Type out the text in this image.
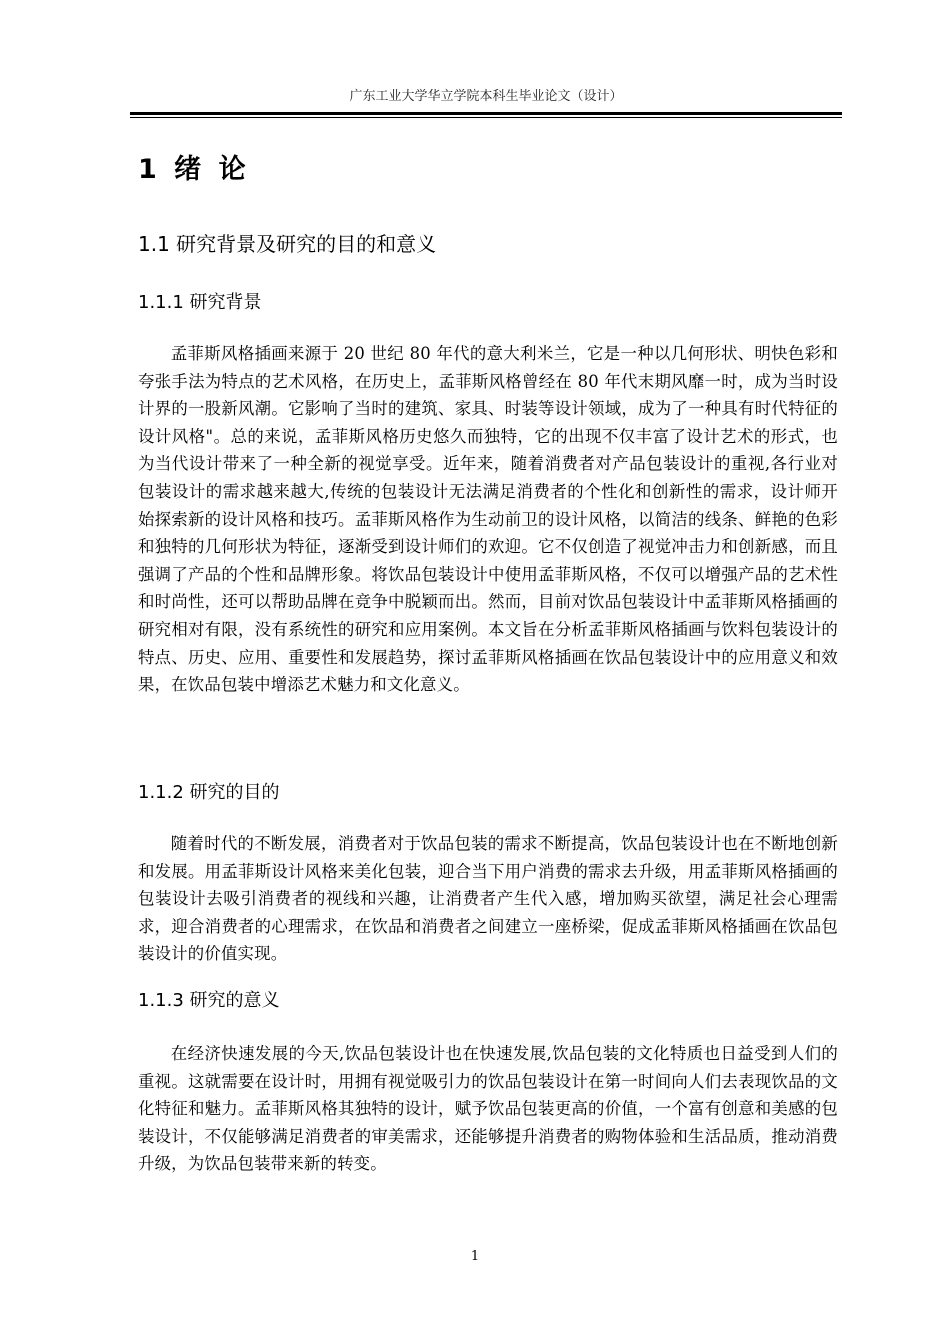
广东工业大学华立学院本科生毕业论文（设计）
1 绪 论
1.1 研究背景及研究的目的和意义
1.1.1 研究背景

孟菲斯风格插画来源于 20 世纪 80 年代的意大利米兰，它是一种以几何形状、明快色彩和夸张手法为特点的艺术风格，在历史上，孟菲斯风格曾经在 80 年代末期风靡一时，成为当时设计界的一股新风潮。它影响了当时的建筑、家具、时装等设计领域，成为了一种具有时代特征的设计风格"。总的来说，孟菲斯风格历史悠久而独特，它的出现不仅丰富了设计艺术的形式，也为当代设计带来了一种全新的视觉享受。近年来，随着消费者对产品包装设计的重视,各行业对包装设计的需求越来越大,传统的包装设计无法满足消费者的个性化和创新性的需求，设计师开始探索新的设计风格和技巧。孟菲斯风格作为生动前卫的设计风格，以简洁的线条、鲜艳的色彩和独特的几何形状为特征，逐渐受到设计师们的欢迎。它不仅创造了视觉冲击力和创新感，而且强调了产品的个性和品牌形象。将饮品包装设计中使用孟菲斯风格，不仅可以增强产品的艺术性和时尚性，还可以帮助品牌在竞争中脱颖而出。然而，目前对饮品包装设计中孟菲斯风格插画的研究相对有限，没有系统性的研究和应用案例。本文旨在分析孟菲斯风格插画与饮料包装设计的特点、历史、应用、重要性和发展趋势，探讨孟菲斯风格插画在饮品包装设计中的应用意义和效果，在饮品包装中增添艺术魅力和文化意义。

1.1.2 研究的目的

随着时代的不断发展，消费者对于饮品包装的需求不断提高，饮品包装设计也在不断地创新和发展。用孟菲斯设计风格来美化包装，迎合当下用户消费的需求去升级，用孟菲斯风格插画的包装设计去吸引消费者的视线和兴趣，让消费者产生代入感，增加购买欲望，满足社会心理需求，迎合消费者的心理需求，在饮品和消费者之间建立一座桥梁，促成孟菲斯风格插画在饮品包装设计的价值实现。

1.1.3 研究的意义

在经济快速发展的今天,饮品包装设计也在快速发展,饮品包装的文化特质也日益受到人们的重视。这就需要在设计时，用拥有视觉吸引力的饮品包装设计在第一时间向人们去表现饮品的文化特征和魅力。孟菲斯风格其独特的设计，赋予饮品包装更高的价值，一个富有创意和美感的包装设计，不仅能够满足消费者的审美需求，还能够提升消费者的购物体验和生活品质，推动消费升级，为饮品包装带来新的转变。

1
